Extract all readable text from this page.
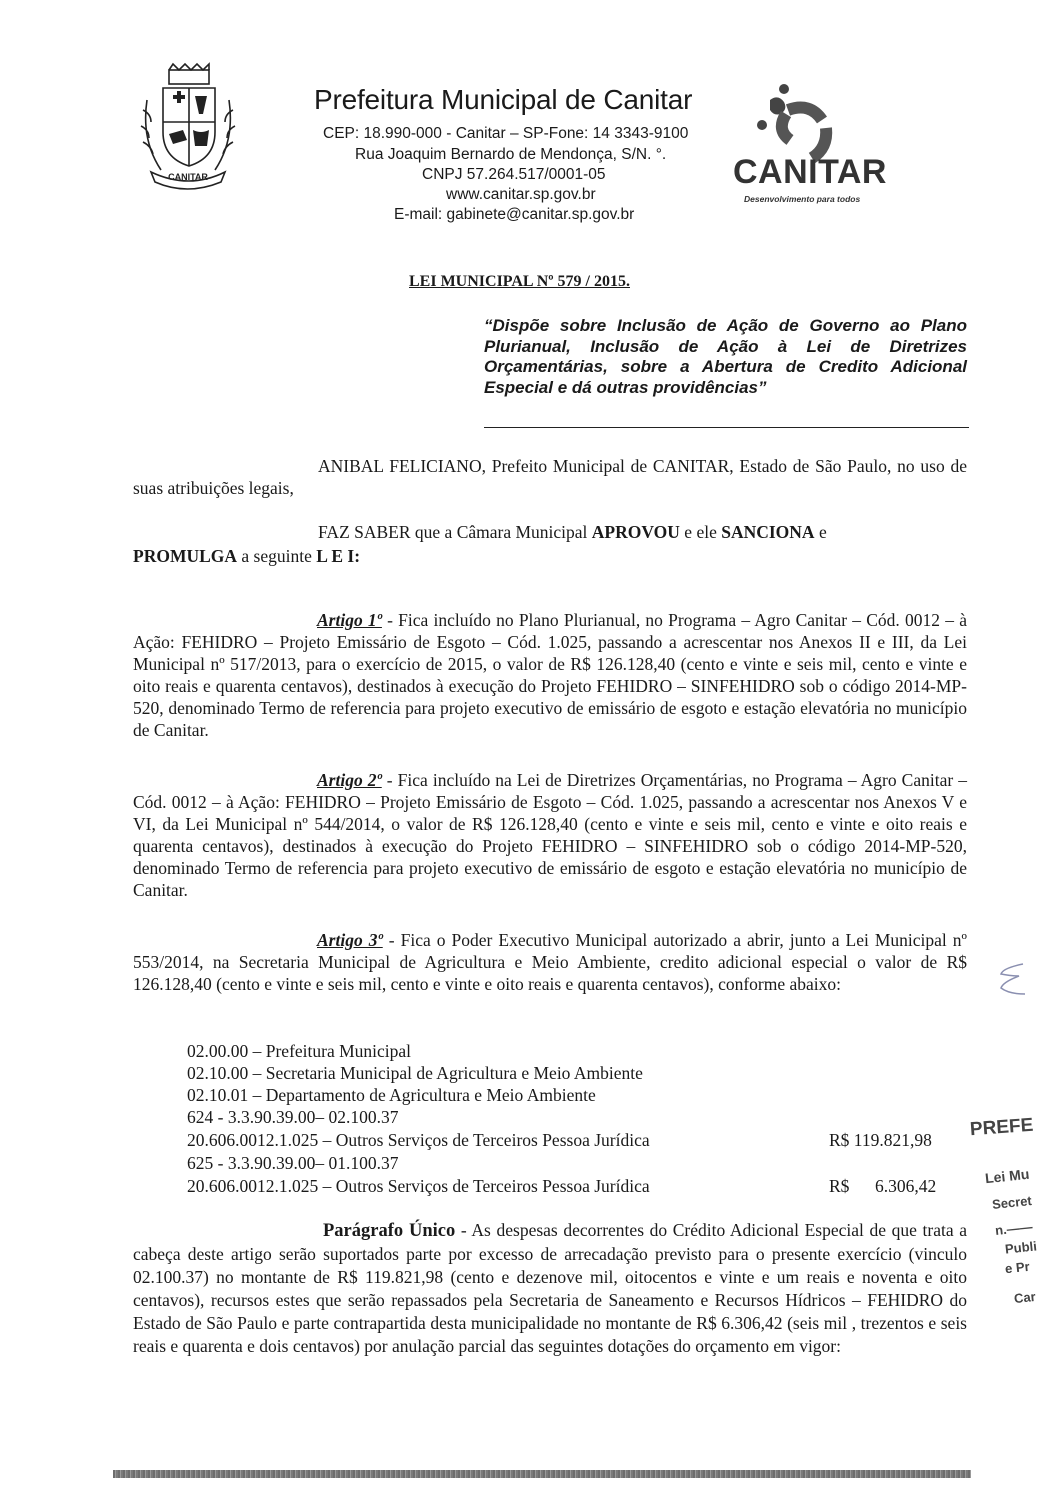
CANITAR
Prefeitura Municipal de Canitar
CEP: 18.990-000 - Canitar – SP-Fone: 14 3343-9100
Rua Joaquim Bernardo de Mendonça, S/N. °.
CNPJ 57.264.517/0001-05
www.canitar.sp.gov.br
E-mail: gabinete@canitar.sp.gov.br
CANITAR
Desenvolvimento para todos
LEI MUNICIPAL Nº 579 / 2015.
“Dispõe sobre Inclusão de Ação de Governo ao Plano Plurianual, Inclusão de Ação à Lei de Diretrizes Orçamentárias, sobre a Abertura de Credito Adicional Especial e dá outras providências”
ANIBAL FELICIANO, Prefeito Municipal de CANITAR, Estado de São Paulo, no uso de suas atribuições legais,
FAZ SABER que a Câmara Municipal APROVOU e ele SANCIONA e
PROMULGA a seguinte L E I:
Artigo 1º - Fica incluído no Plano Plurianual, no Programa – Agro Canitar – Cód. 0012 – à Ação: FEHIDRO – Projeto Emissário de Esgoto – Cód. 1.025, passando a acrescentar nos Anexos II e III, da Lei Municipal nº 517/2013, para o exercício de 2015, o valor de R$ 126.128,40 (cento e vinte e seis mil, cento e vinte e oito reais e quarenta centavos), destinados à execução do Projeto FEHIDRO – SINFEHIDRO sob o código 2014-MP-520, denominado Termo de referencia para projeto executivo de emissário de esgoto e estação elevatória no município de Canitar.
Artigo 2º - Fica incluído na Lei de Diretrizes Orçamentárias, no Programa – Agro Canitar – Cód. 0012 – à Ação: FEHIDRO – Projeto Emissário de Esgoto – Cód. 1.025, passando a acrescentar nos Anexos V e VI, da Lei Municipal nº 544/2014, o valor de R$ 126.128,40 (cento e vinte e seis mil, cento e vinte e oito reais e quarenta centavos), destinados à execução do Projeto FEHIDRO – SINFEHIDRO sob o código 2014-MP-520, denominado Termo de referencia para projeto executivo de emissário de esgoto e estação elevatória no município de Canitar.
Artigo 3º - Fica o Poder Executivo Municipal autorizado a abrir, junto a Lei Municipal nº 553/2014, na Secretaria Municipal de Agricultura e Meio Ambiente, credito adicional especial o valor de R$ 126.128,40 (cento e vinte e seis mil, cento e vinte e oito reais e quarenta centavos), conforme abaixo:
02.00.00 – Prefeitura Municipal
02.10.00 – Secretaria Municipal de Agricultura e Meio Ambiente
02.10.01 – Departamento de Agricultura e Meio Ambiente
624 - 3.3.90.39.00– 02.100.37
20.606.0012.1.025 – Outros Serviços de Terceiros Pessoa Jurídica
625 - 3.3.90.39.00– 01.100.37
20.606.0012.1.025 – Outros Serviços de Terceiros Pessoa Jurídica
R$ 119.821,98
R$ 6.306,42
Parágrafo Único - As despesas decorrentes do Crédito Adicional Especial de que trata a cabeça deste artigo serão suportados parte por excesso de arrecadação previsto para o presente exercício (vinculo 02.100.37) no montante de R$ 119.821,98 (cento e dezenove mil, oitocentos e vinte e um reais e noventa e oito centavos), recursos estes que serão repassados pela Secretaria de Saneamento e Recursos Hídricos – FEHIDRO do Estado de São Paulo e parte contrapartida desta municipalidade no montante de R$ 6.306,42 (seis mil , trezentos e seis reais e quarenta e dois centavos) por anulação parcial das seguintes dotações do orçamento em vigor:
PREFE
Lei Mu
Secret
n.——
Publi
e Pr
Car
